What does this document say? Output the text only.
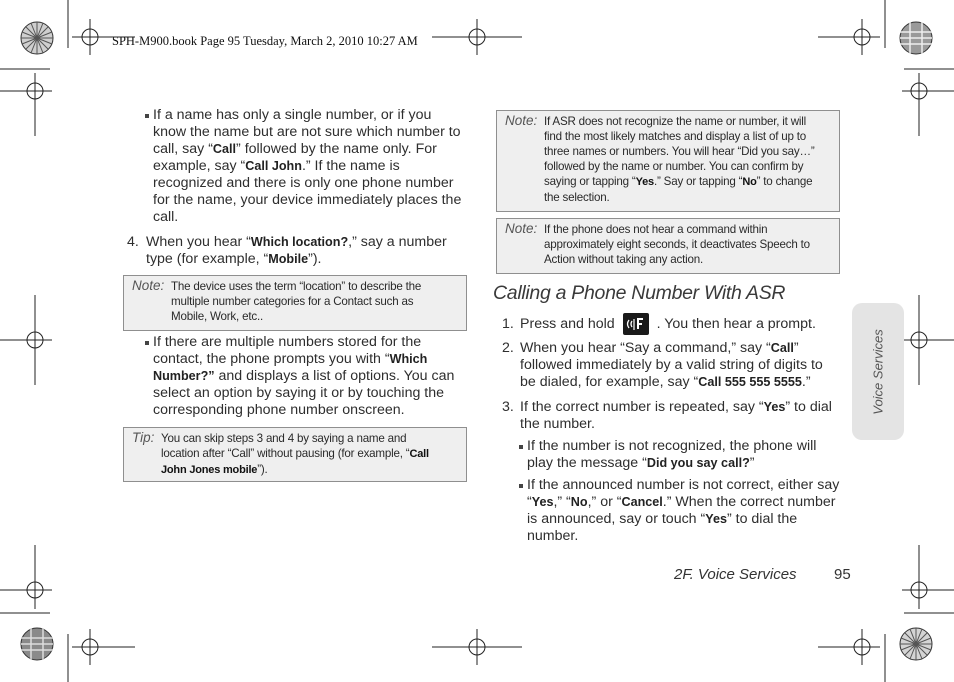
SPH-M900.book Page 95 Tuesday, March 2, 2010 10:27 AM
If a name has only a single number, or if you
know the name but are not sure which number to
call, say “Call” followed by the name only. For
example, say “Call John.” If the name is
recognized and there is only one phone number
for the name, your device immediately places the
call.
4. When you hear “Which location?,” say a number
type (for example, “Mobile”).
Note: The device uses the term “location” to describe the
multiple number categories for a Contact such as
Mobile, Work, etc..
If there are multiple numbers stored for the
contact, the phone prompts you with “Which
Number?” and displays a list of options. You can
select an option by saying it or by touching the
corresponding phone number onscreen.
Tip: You can skip steps 3 and 4 by saying a name and
location after “Call” without pausing (for example, “Call
John Jones mobile”).
Note: If ASR does not recognize the name or number, it will
find the most likely matches and display a list of up to
three names or numbers. You will hear “Did you say…”
followed by the name or number. You can confirm by
saying or tapping “Yes.” Say or tapping “No” to change
the selection.
Note: If the phone does not hear a command within
approximately eight seconds, it deactivates Speech to
Action without taking any action.
Calling a Phone Number With ASR
1. Press and hold	. You then hear a prompt.
2. When you hear “Say a command,” say “Call”
followed immediately by a valid string of digits to
be dialed, for example, say “Call 555 555 5555.”
3. If the correct number is repeated, say “Yes” to dial
the number.
If the number is not recognized, the phone will
play the message “Did you say call?”
If the announced number is not correct, either say
“Yes,” “No,” or “Cancel.” When the correct number
is announced, say or touch “Yes” to dial the
number.
Voice Services
2F. Voice Services 95
